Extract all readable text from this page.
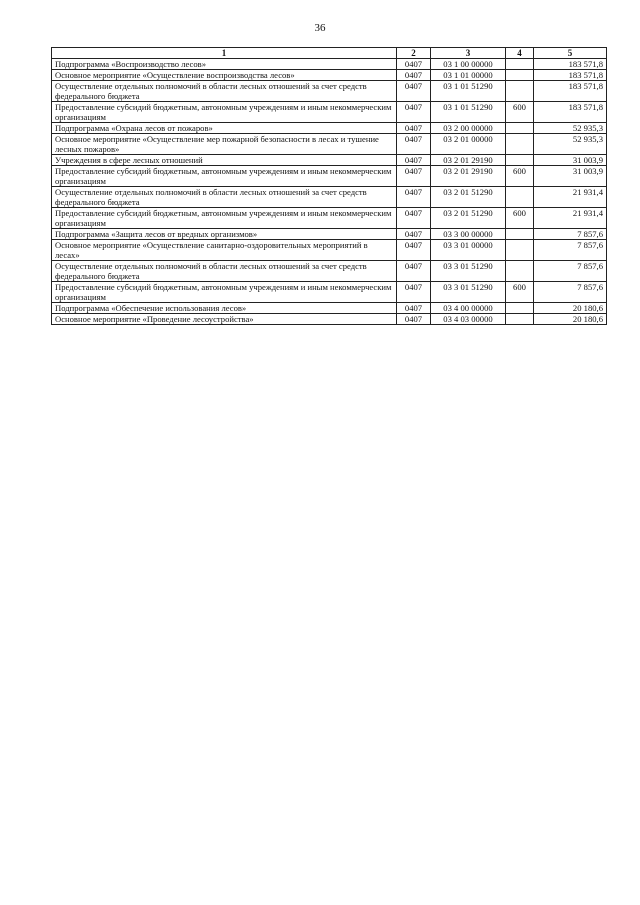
36
1	2	3	4	5
Подпрограмма «Воспроизводство лесов»	0407	03 1 00 00000		183 571,8
Основное мероприятие «Осуществление воспроизводства лесов»	0407	03 1 01 00000		183 571,8
Осуществление отдельных полномочий в области лесных отношений за счет средств федерального бюджета	0407	03 1 01 51290		183 571,8
Предоставление субсидий бюджетным, автономным учреждениям и иным некоммерческим организациям	0407	03 1 01 51290	600	183 571,8
Подпрограмма «Охрана лесов от пожаров»	0407	03 2 00 00000		52 935,3
Основное мероприятие «Осуществление мер пожарной безопасности в лесах и тушение лесных пожаров»	0407	03 2 01 00000		52 935,3
Учреждения в сфере лесных отношений	0407	03 2 01 29190		31 003,9
Предоставление субсидий бюджетным, автономным учреждениям и иным некоммерческим организациям	0407	03 2 01 29190	600	31 003,9
Осуществление отдельных полномочий в области лесных отношений за счет средств федерального бюджета	0407	03 2 01 51290		21 931,4
Предоставление субсидий бюджетным, автономным учреждениям и иным некоммерческим организациям	0407	03 2 01 51290	600	21 931,4
Подпрограмма «Защита лесов от вредных организмов»	0407	03 3 00 00000		7 857,6
Основное мероприятие «Осуществление санитарно-оздоровительных мероприятий в лесах»	0407	03 3 01 00000		7 857,6
Осуществление отдельных полномочий в области лесных отношений за счет средств федерального бюджета	0407	03 3 01 51290		7 857,6
Предоставление субсидий бюджетным, автономным учреждениям и иным некоммерческим организациям	0407	03 3 01 51290	600	7 857,6
Подпрограмма «Обеспечение использования лесов»	0407	03 4 00 00000		20 180,6
Основное мероприятие «Проведение лесоустройства»	0407	03 4 03 00000		20 180,6
